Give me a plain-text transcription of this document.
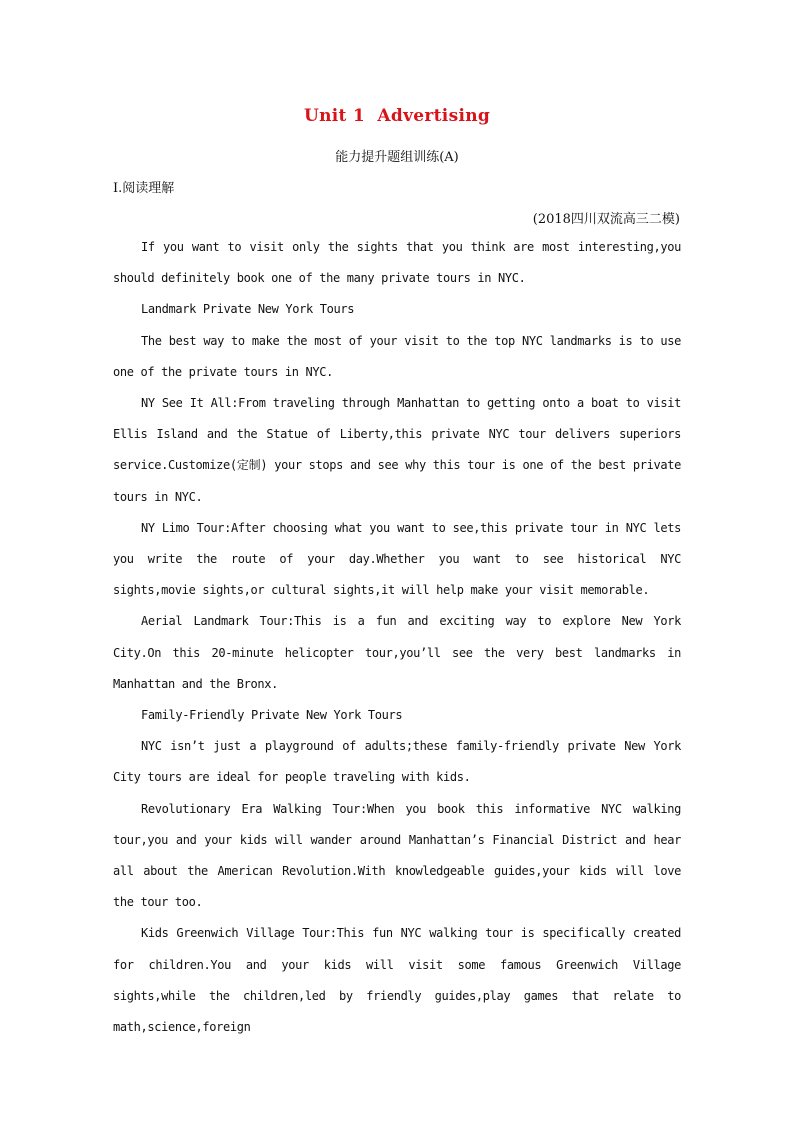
Unit 1  Advertising
能力提升题组训练(A)
Ⅰ.阅读理解
(2018四川双流高三二模)

If you want to visit only the sights that you think are most interesting,you should definitely book one of the many private tours in NYC.

Landmark Private New York Tours

The best way to make the most of your visit to the top NYC landmarks is to use one of the private tours in NYC.

NY See It All:From traveling through Manhattan to getting onto a boat to visit Ellis Island and the Statue of Liberty,this private NYC tour delivers superiors service.Customize(定制) your stops and see why this tour is one of the best private tours in NYC.

NY Limo Tour:After choosing what you want to see,this private tour in NYC lets you write the route of your day.Whether you want to see historical NYC sights,movie sights,or cultural sights,it will help make your visit memorable.

Aerial Landmark Tour:This is a fun and exciting way to explore New York City.On this 20-minute helicopter tour,you’ll see the very best landmarks in Manhattan and the Bronx.

Family-Friendly Private New York Tours

NYC isn’t just a playground of adults;these family-friendly private New York City tours are ideal for people traveling with kids.

Revolutionary Era Walking Tour:When you book this informative NYC walking tour,you and your kids will wander around Manhattan’s Financial District and hear all about the American Revolution.With knowledgeable guides,your kids will love the tour too.

Kids Greenwich Village Tour:This fun NYC walking tour is specifically created for children.You and your kids will visit some famous Greenwich Village sights,while the children,led by friendly guides,play games that relate to math,science,foreign
